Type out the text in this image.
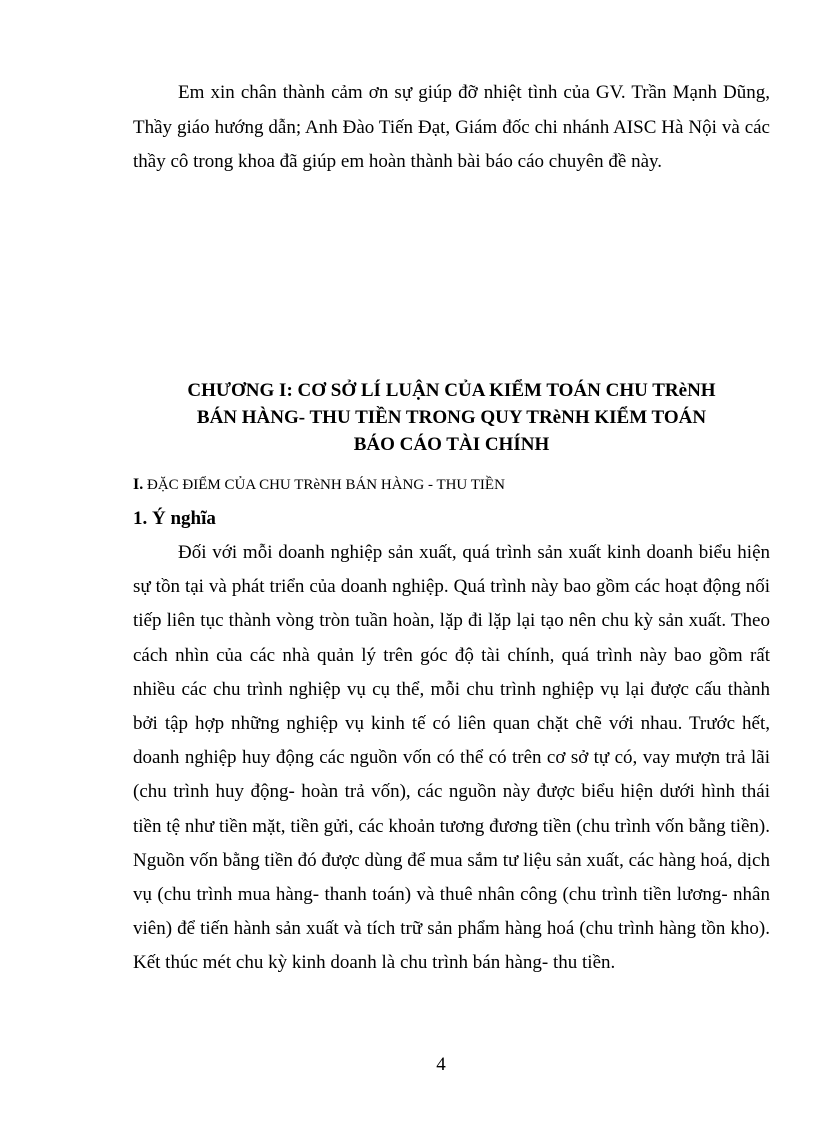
Em xin chân thành cảm ơn sự giúp đỡ nhiệt tình của GV. Trần Mạnh Dũng, Thầy giáo hướng dẫn; Anh Đào Tiến Đạt, Giám đốc chi nhánh AISC Hà Nội và các thầy cô trong khoa đã giúp em hoàn thành bài báo cáo chuyên đề này.

CHƯƠNG I: CƠ SỞ LÍ LUẬN CỦA KIỂM TOÁN CHU TRèNH
BÁN HÀNG- THU TIỀN TRONG QUY TRèNH KIỂM TOÁN
BÁO CÁO TÀI CHÍNH
I. ĐẶC ĐIỂM CỦA CHU TRèNH BÁN HÀNG - THU TIỀN
1. Ý nghĩa

Đối với mỗi doanh nghiệp sản xuất, quá trình sản xuất kinh doanh biểu hiện sự tồn tại và phát triển của doanh nghiệp. Quá trình này bao gồm các hoạt động nối tiếp liên tục thành vòng tròn tuần hoàn, lặp đi lặp lại tạo nên chu kỳ sản xuất. Theo cách nhìn của các nhà quản lý trên góc độ tài chính, quá trình này bao gồm rất nhiều các chu trình nghiệp vụ cụ thể, mỗi chu trình nghiệp vụ lại được cấu thành bởi tập hợp những nghiệp vụ kinh tế có liên quan chặt chẽ với nhau. Trước hết, doanh nghiệp huy động các nguồn vốn có thể có trên cơ sở tự có, vay mượn trả lãi (chu trình huy động- hoàn trả vốn), các nguồn này được biểu hiện dưới hình thái tiền tệ như tiền mặt, tiền gửi, các khoản tương đương tiền (chu trình vốn bằng tiền). Nguồn vốn bằng tiền đó được dùng để mua sắm tư liệu sản xuất, các hàng hoá, dịch vụ (chu trình mua hàng- thanh toán) và thuê nhân công (chu trình tiền lương- nhân viên) để tiến hành sản xuất và tích trữ sản phẩm hàng hoá (chu trình hàng tồn kho). Kết thúc mét chu kỳ kinh doanh là chu trình bán hàng- thu tiền.

4
